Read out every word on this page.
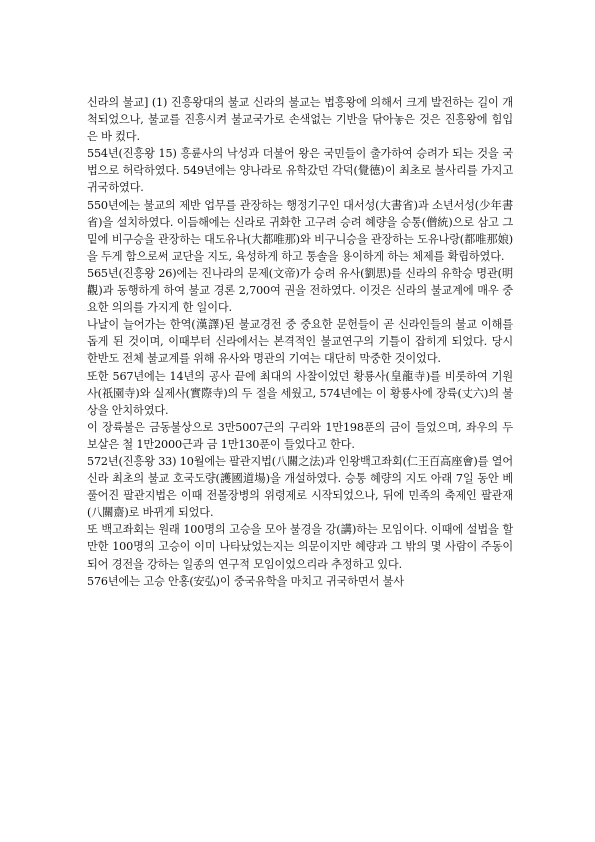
신라의 불교] (1) 진흥왕대의 불교 신라의 불교는 법흥왕에 의해서 크게 발전하는 길이 개척되었으나, 불교를 진흥시켜 불교국가로 손색없는 기반을 닦아놓은 것은 진흥왕에 힘입은 바 컸다.

554년(진흥왕 15) 흥륜사의 낙성과 더불어 왕은 국민들이 출가하여 승려가 되는 것을 국법으로 허락하였다. 549년에는 양나라로 유학갔던 각덕(覺德)이 최초로 불사리를 가지고 귀국하였다.

550년에는 불교의 제반 업무를 관장하는 행정기구인 대서성(大書省)과 소년서성(少年書省)을 설치하였다. 이듬해에는 신라로 귀화한 고구려 승려 혜량을 승통(僧統)으로 삼고 그 밑에 비구승을 관장하는 대도유나(大都唯那)와 비구니승을 관장하는 도유나랑(都唯那娘)을 두게 함으로써 교단을 지도, 육성하게 하고 통솔을 용이하게 하는 체제를 확립하였다.

565년(진흥왕 26)에는 진나라의 문제(文帝)가 승려 유사(劉思)를 신라의 유학승 명관(明觀)과 동행하게 하여 불교 경론 2,700여 권을 전하였다. 이것은 신라의 불교계에 매우 중요한 의의를 가지게 한 일이다.

나날이 늘어가는 한역(漢譯)된 불교경전 중 중요한 문헌들이 곧 신라인들의 불교 이해를 돕게 된 것이며, 이때부터 신라에서는 본격적인 불교연구의 기틀이 잡히게 되었다. 당시 한반도 전체 불교계를 위해 유사와 명관의 기여는 대단히 막중한 것이었다.

또한 567년에는 14년의 공사 끝에 최대의 사찰이었던 황룡사(皇龍寺)를 비롯하여 기원사(祇園寺)와 실제사(實際寺)의 두 절을 세웠고, 574년에는 이 황룡사에 장륙(丈六)의 불상을 안치하였다.

이 장륙불은 금동불상으로 3만5007근의 구리와 1만198푼의 금이 들었으며, 좌우의 두 보살은 철 1만2000근과 금 1만130푼이 들었다고 한다.

572년(진흥왕 33) 10월에는 팔관지법(八關之法)과 인왕백고좌회(仁王百高座會)를 열어 신라 최초의 불교 호국도량(護國道場)을 개설하였다. 승통 혜량의 지도 아래 7일 동안 베풀어진 팔관지법은 이때 전몰장병의 위령제로 시작되었으나, 뒤에 민족의 축제인 팔관재(八關齋)로 바뀌게 되었다.

또 백고좌회는 원래 100명의 고승을 모아 불경을 강(講)하는 모임이다. 이때에 설법을 할 만한 100명의 고승이 이미 나타났었는지는 의문이지만 혜량과 그 밖의 몇 사람이 주동이 되어 경전을 강하는 일종의 연구적 모임이었으리라 추정하고 있다.

576년에는 고승 안홍(安弘)이 중국유학을 마치고 귀국하면서 불사
